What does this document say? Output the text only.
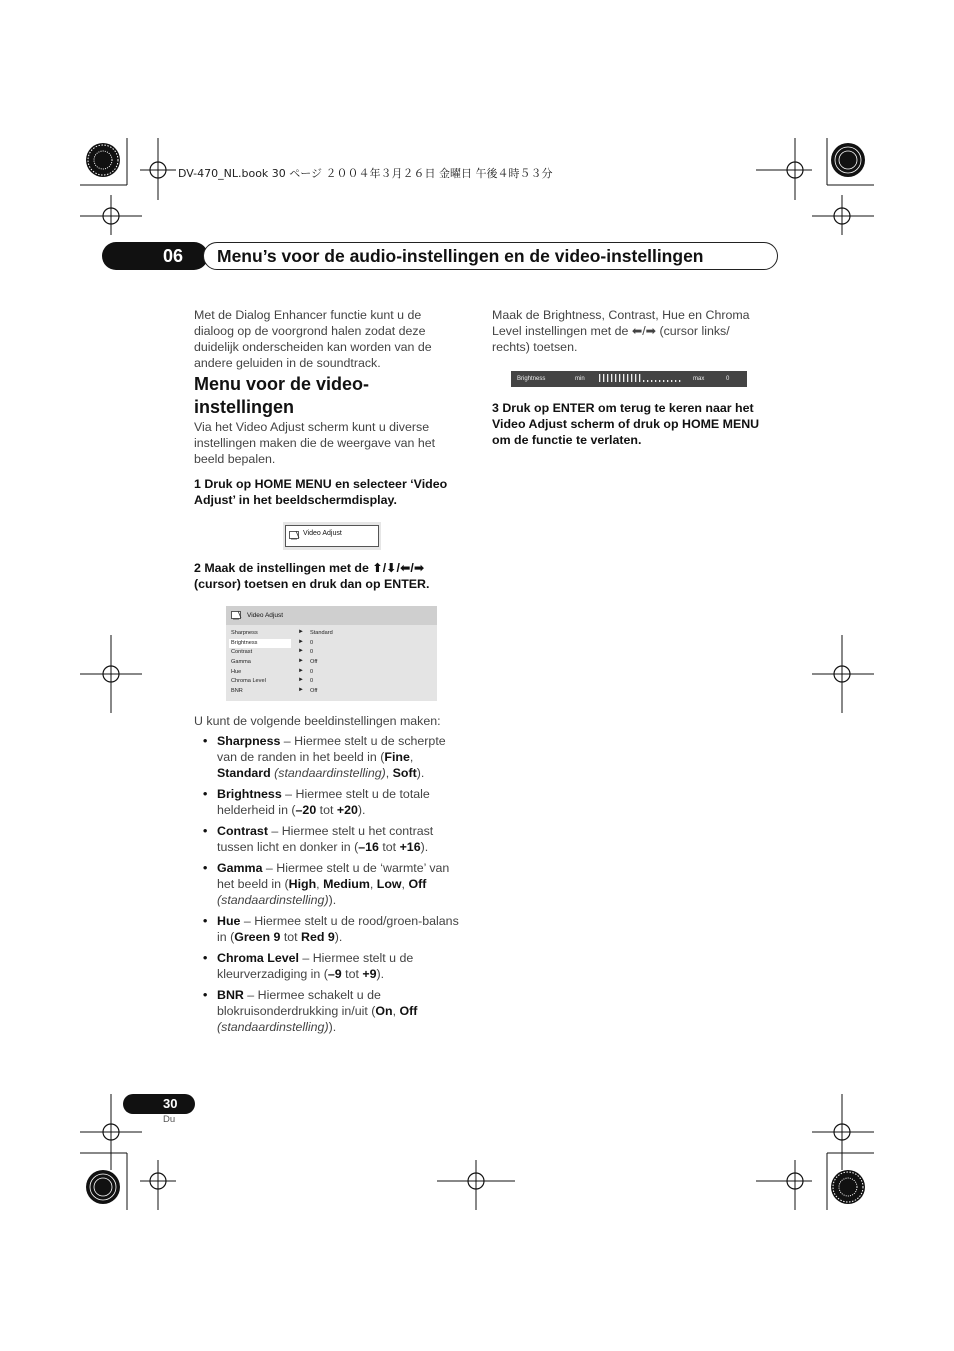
DV-470_NL.book 30 ページ ２００４年３月２６日 金曜日 午後４時５３分
06	Menu’s voor de audio-instellingen en de video-instellingen
Met de Dialog Enhancer functie kunt u de dialoog op de voorgrond halen zodat deze duidelijk onderscheiden kan worden van de andere geluiden in de soundtrack.
Menu voor de video-instellingen
Via het Video Adjust scherm kunt u diverse instellingen maken die de weergave van het beeld bepalen.
1 Druk op HOME MENU en selecteer ‘Video Adjust’ in het beeldschermdisplay.
Video Adjust
2 Maak de instellingen met de ⬆/⬇/⬅/➡ (cursor) toetsen en druk dan op ENTER.
Video Adjust
Sharpness	► Standard
Brightness	► 0
Contrast	► 0
Gamma	► Off
Hue	► 0
Chroma Level	► 0
BNR	► Off
U kunt de volgende beeldinstellingen maken:
• Sharpness – Hiermee stelt u de scherpte van de randen in het beeld in (Fine, Standard (standaardinstelling), Soft).
• Brightness – Hiermee stelt u de totale helderheid in (–20 tot +20).
• Contrast – Hiermee stelt u het contrast tussen licht en donker in (–16 tot +16).
• Gamma – Hiermee stelt u de ‘warmte’ van het beeld in (High, Medium, Low, Off (standaardinstelling)).
• Hue – Hiermee stelt u de rood/groen-balans in (Green 9 tot Red 9).
• Chroma Level – Hiermee stelt u de kleurverzadiging in (–9 tot +9).
• BNR – Hiermee schakelt u de blokruisonderdrukking in/uit (On, Off (standaardinstelling)).
Maak de Brightness, Contrast, Hue en Chroma Level instellingen met de ⬅/➡ (cursor links/ rechts) toetsen.
Brightness	min	max	0
3 Druk op ENTER om terug te keren naar het Video Adjust scherm of druk op HOME MENU om de functie te verlaten.
30
Du
